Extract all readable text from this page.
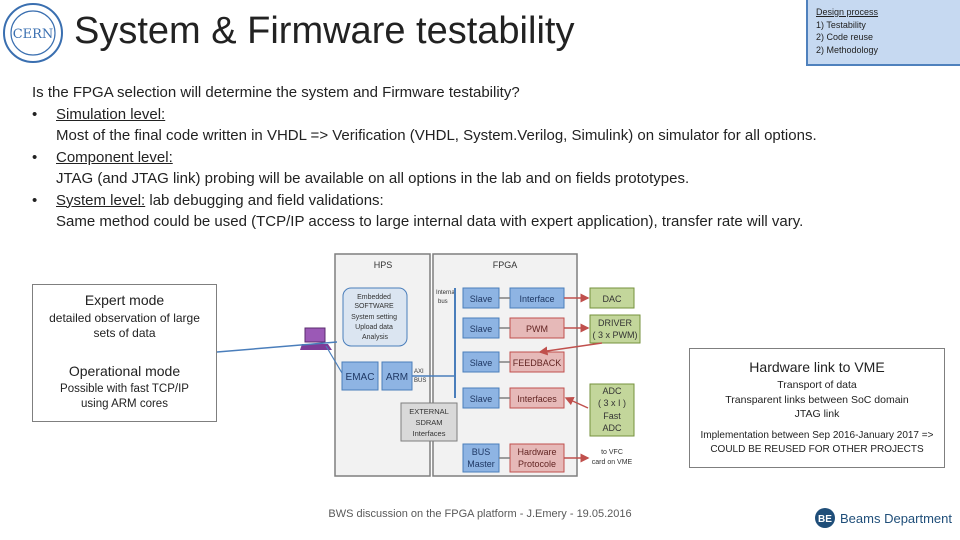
CERN System & Firmware testability	Design process
1) Testability
2) Code reuse
2) Methodology
Is the FPGA selection will determine the system and Firmware testability?
• Simulation level:
Most of the final code written in VHDL => Verification (VHDL, System.Verilog, Simulink) on simulator for all options.
• Component level:
JTAG (and JTAG link) probing will be available on all options in the lab and on fields prototypes.
• System level: lab debugging and field validations:
Same method could be used (TCP/IP access to large internal data with expert application), transfer rate will vary.
HPS	FPGA
Embedded SOFTWARE System setting Upload data Analysis
EMAC ARM AXI BUS
Internal bus
EXTERNAL SDRAM Interfaces
Slave
Slave
Slave
Slave
BUS
Master
Interface
PWM
FEEDBACK
Interfaces
Hardware
Protocole
DAC
DRIVER
( 3 x PWM)
ADC
( 3 x I )
Fast
ADC
to VFC
card on VME
Expert mode
detailed observation of large sets of data
Operational mode
Possible with fast TCP/IP using ARM cores
Hardware link to VME
Transport of data
Transparent links between SoC domain JTAG link
Implementation between Sep 2016-January 2017 => COULD BE REUSED FOR OTHER PROJECTS
BWS discussion on the FPGA platform - J.Emery - 19.05.2016	BE Beams Department
